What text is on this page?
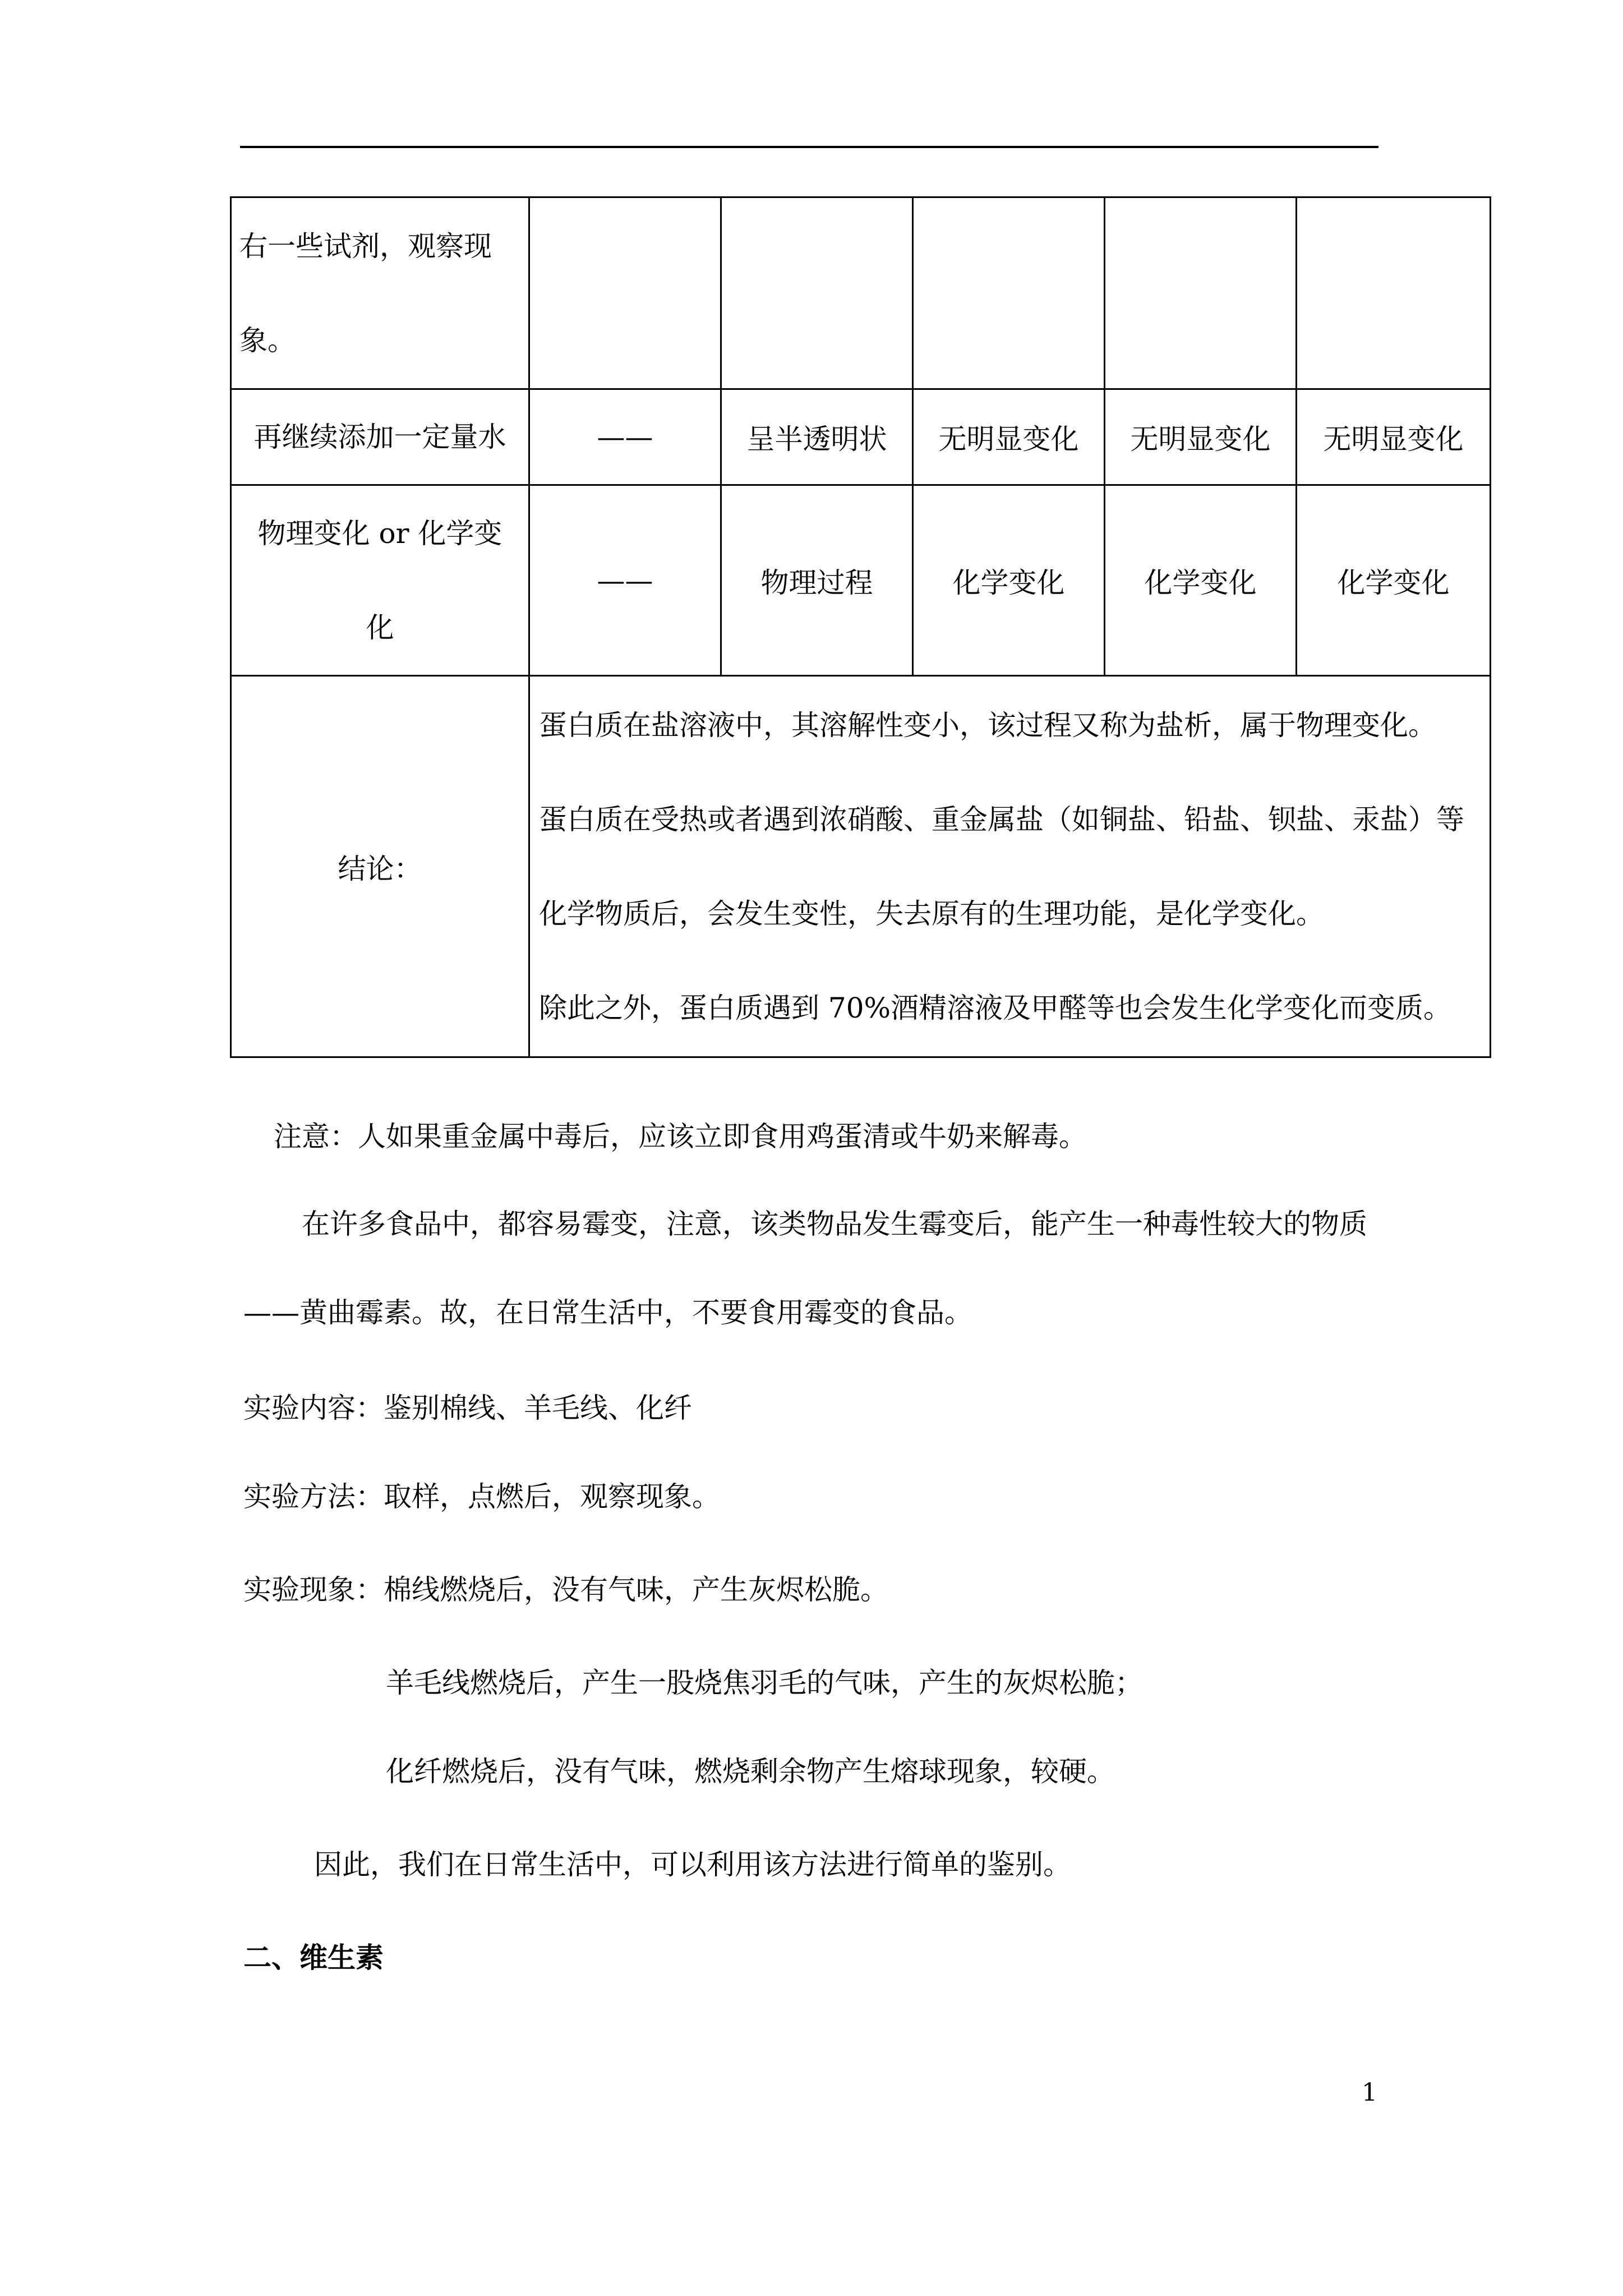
右一些试剂，观察现
象。					

再继续添加一定量水	——	呈半透明状	无明显变化	无明显变化	无明显变化

物理变化 or 化学变
化	——	物理过程	化学变化	化学变化	化学变化
结论：	蛋白质在盐溶液中，其溶解性变小，该过程又称为盐析，属于物理变化。
蛋白质在受热或者遇到浓硝酸、重金属盐（如铜盐、铅盐、钡盐、汞盐）等
化学物质后，会发生变性，失去原有的生理功能，是化学变化。
除此之外，蛋白质遇到 70%酒精溶液及甲醛等也会发生化学变化而变质。				
注意：人如果重金属中毒后，应该立即食用鸡蛋清或牛奶来解毒。
在许多食品中，都容易霉变，注意，该类物品发生霉变后，能产生一种毒性较大的物质
——黄曲霉素。故，在日常生活中，不要食用霉变的食品。
实验内容：鉴别棉线、羊毛线、化纤
实验方法：取样，点燃后，观察现象。
实验现象：棉线燃烧后，没有气味，产生灰烬松脆。
羊毛线燃烧后，产生一股烧焦羽毛的气味，产生的灰烬松脆；
化纤燃烧后，没有气味，燃烧剩余物产生熔球现象，较硬。
因此，我们在日常生活中，可以利用该方法进行简单的鉴别。
二、维生素
1
